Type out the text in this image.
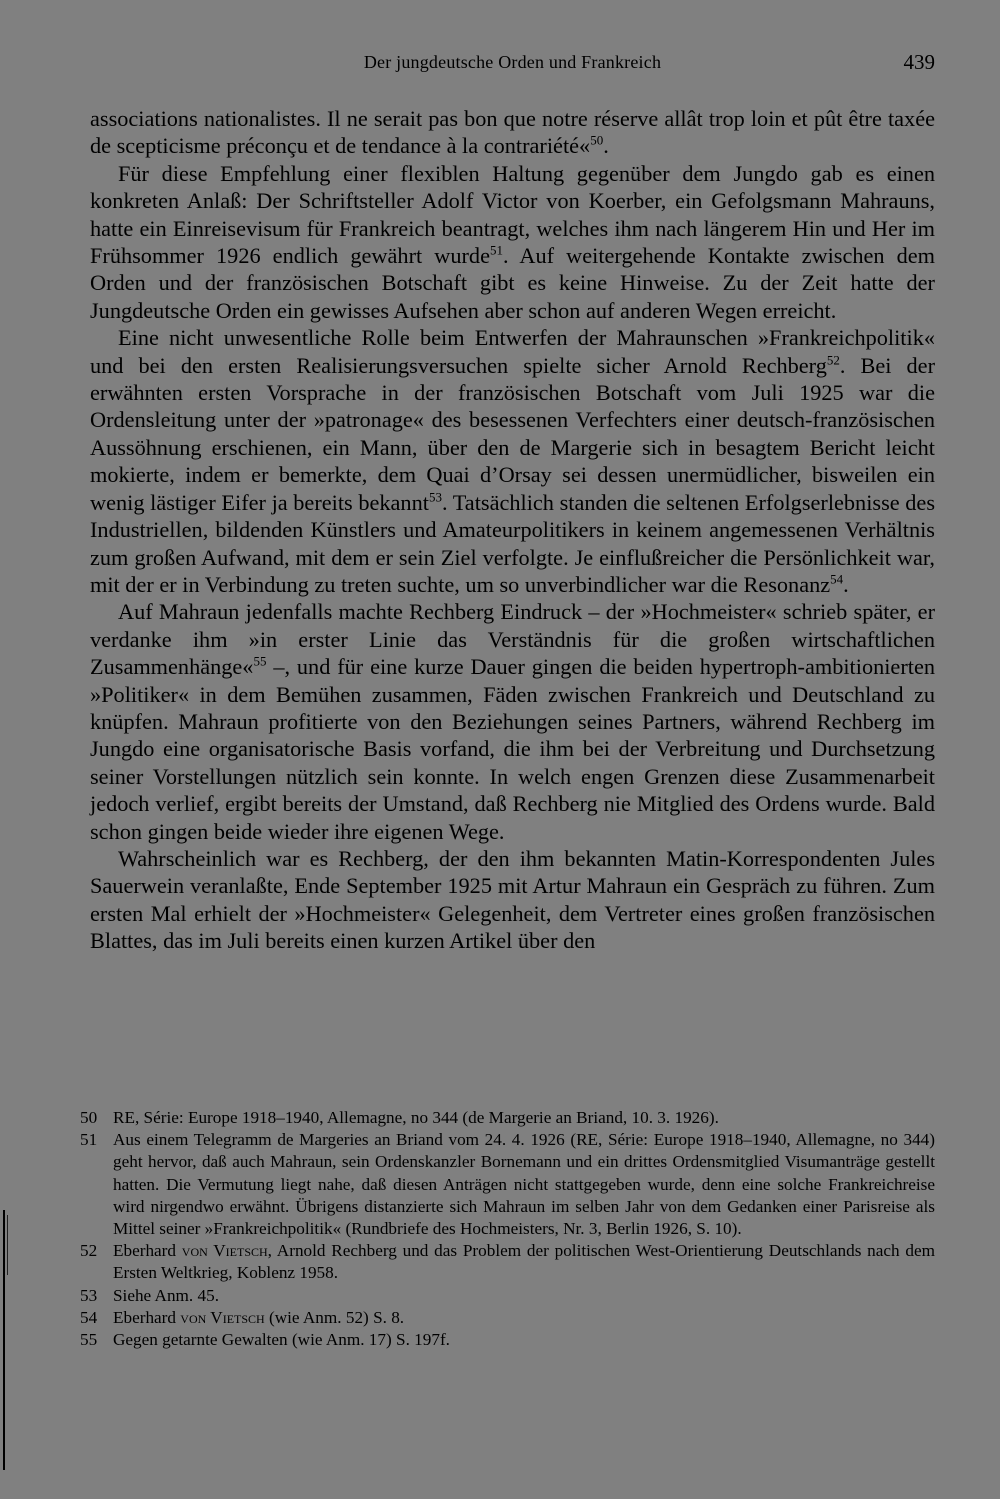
Der jungdeutsche Orden und Frankreich	439

associations nationalistes. Il ne serait pas bon que notre réserve allât trop loin et pût être taxée de scepticisme préconçu et de tendance à la contrariété«$^{50}$.

Für diese Empfehlung einer flexiblen Haltung gegenüber dem Jungdo gab es einen konkreten Anlaß: Der Schriftsteller Adolf Victor von Koerber, ein Gefolgsmann Mahrauns, hatte ein Einreisevisum für Frankreich beantragt, welches ihm nach längerem Hin und Her im Frühsommer 1926 endlich gewährt wurde$^{51}$. Auf weitergehende Kontakte zwischen dem Orden und der französischen Botschaft gibt es keine Hinweise. Zu der Zeit hatte der Jungdeutsche Orden ein gewisses Aufsehen aber schon auf anderen Wegen erreicht.

Eine nicht unwesentliche Rolle beim Entwerfen der Mahraunschen »Frankreichpolitik« und bei den ersten Realisierungsversuchen spielte sicher Arnold Rechberg$^{52}$. Bei der erwähnten ersten Vorsprache in der französischen Botschaft vom Juli 1925 war die Ordensleitung unter der »patronage« des besessenen Verfechters einer deutsch-französischen Aussöhnung erschienen, ein Mann, über den de Margerie sich in besagtem Bericht leicht mokierte, indem er bemerkte, dem Quai d’Orsay sei dessen unermüdlicher, bisweilen ein wenig lästiger Eifer ja bereits bekannt$^{53}$. Tatsächlich standen die seltenen Erfolgserlebnisse des Industriellen, bildenden Künstlers und Amateurpolitikers in keinem angemessenen Verhältnis zum großen Aufwand, mit dem er sein Ziel verfolgte. Je einflußreicher die Persönlichkeit war, mit der er in Verbindung zu treten suchte, um so unverbindlicher war die Resonanz$^{54}$.

Auf Mahraun jedenfalls machte Rechberg Eindruck – der »Hochmeister« schrieb später, er verdanke ihm »in erster Linie das Verständnis für die großen wirtschaftlichen Zusammenhänge«$^{55}$ –, und für eine kurze Dauer gingen die beiden hypertroph-ambitionierten »Politiker« in dem Bemühen zusammen, Fäden zwischen Frankreich und Deutschland zu knüpfen. Mahraun profitierte von den Beziehungen seines Partners, während Rechberg im Jungdo eine organisatorische Basis vorfand, die ihm bei der Verbreitung und Durchsetzung seiner Vorstellungen nützlich sein konnte. In welch engen Grenzen diese Zusammenarbeit jedoch verlief, ergibt bereits der Umstand, daß Rechberg nie Mitglied des Ordens wurde. Bald schon gingen beide wieder ihre eigenen Wege.

Wahrscheinlich war es Rechberg, der den ihm bekannten Matin-Korrespondenten Jules Sauerwein veranlaßte, Ende September 1925 mit Artur Mahraun ein Gespräch zu führen. Zum ersten Mal erhielt der »Hochmeister« Gelegenheit, dem Vertreter eines großen französischen Blattes, das im Juli bereits einen kurzen Artikel über den

50 RE, Série: Europe 1918–1940, Allemagne, no 344 (de Margerie an Briand, 10. 3. 1926).
51 Aus einem Telegramm de Margeries an Briand vom 24. 4. 1926 (RE, Série: Europe 1918–1940, Allemagne, no 344) geht hervor, daß auch Mahraun, sein Ordenskanzler Bornemann und ein drittes Ordensmitglied Visumanträge gestellt hatten. Die Vermutung liegt nahe, daß diesen Anträgen nicht stattgegeben wurde, denn eine solche Frankreichreise wird nirgendwo erwähnt. Übrigens distanzierte sich Mahraun im selben Jahr von dem Gedanken einer Parisreise als Mittel seiner »Frankreichpolitik« (Rundbriefe des Hochmeisters, Nr. 3, Berlin 1926, S. 10).
52 Eberhard von Vietsch, Arnold Rechberg und das Problem der politischen West-Orientierung Deutschlands nach dem Ersten Weltkrieg, Koblenz 1958.
53 Siehe Anm. 45.
54 Eberhard von Vietsch (wie Anm. 52) S. 8.
55 Gegen getarnte Gewalten (wie Anm. 17) S. 197f.
